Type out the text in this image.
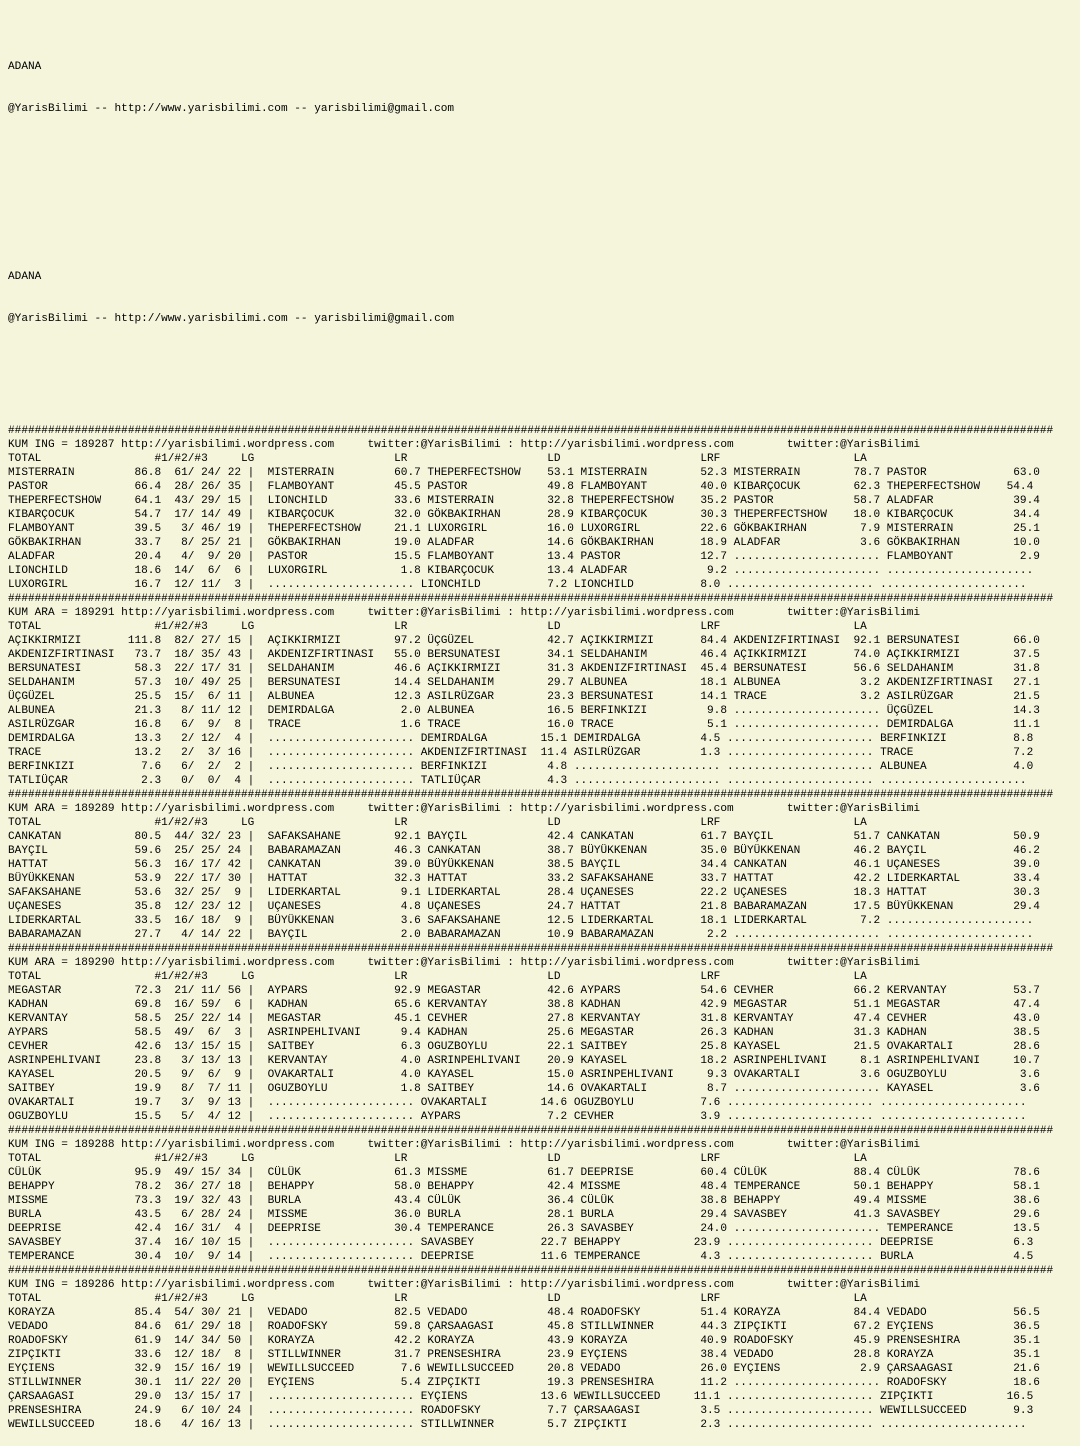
ADANA

@YarisBilimi -- http://www.yarisbilimi.com -- yarisbilimi@gmail.com

ADANA

@YarisBilimi -- http://www.yarisbilimi.com -- yarisbilimi@gmail.com

#############################################################################################################################################################
KUM ING = 189287 http://yarisbilimi.wordpress.com     twitter:@YarisBilimi : http://yarisbilimi.wordpress.com        twitter:@YarisBilimi
TOTAL                 #1/#2/#3     LG                     LR                     LD                     LRF                    LA
MISTERRAIN         86.8  61/ 24/ 22 |  MISTERRAIN         60.7 THEPERFECTSHOW    53.1 MISTERRAIN        52.3 MISTERRAIN        78.7 PASTOR             63.0
PASTOR             66.4  28/ 26/ 35 |  FLAMBOYANT         45.5 PASTOR            49.8 FLAMBOYANT        40.0 KIBARÇOCUK        62.3 THEPERFECTSHOW    54.4
THEPERFECTSHOW     64.1  43/ 29/ 15 |  LIONCHILD          33.6 MISTERRAIN        32.8 THEPERFECTSHOW    35.2 PASTOR            58.7 ALADFAR            39.4
KIBARÇOCUK         54.7  17/ 14/ 49 |  KIBARÇOCUK         32.0 GÖKBAKIRHAN       28.9 KIBARÇOCUK        30.3 THEPERFECTSHOW    18.0 KIBARÇOCUK         34.4
FLAMBOYANT         39.5   3/ 46/ 19 |  THEPERFECTSHOW     21.1 LUXORGIRL         16.0 LUXORGIRL         22.6 GÖKBAKIRHAN        7.9 MISTERRAIN         25.1
GÖKBAKIRHAN        33.7   8/ 25/ 21 |  GÖKBAKIRHAN        19.0 ALADFAR           14.6 GÖKBAKIRHAN       18.9 ALADFAR            3.6 GÖKBAKIRHAN        10.0
ALADFAR            20.4   4/  9/ 20 |  PASTOR             15.5 FLAMBOYANT        13.4 PASTOR            12.7 ...................... FLAMBOYANT          2.9
LIONCHILD          18.6  14/  6/  6 |  LUXORGIRL           1.8 KIBARÇOCUK        13.4 ALADFAR            9.2 ...................... ......................
LUXORGIRL          16.7  12/ 11/  3 |  ...................... LIONCHILD          7.2 LIONCHILD          8.0 ...................... ......................
#############################################################################################################################################################
KUM ARA = 189291 http://yarisbilimi.wordpress.com     twitter:@YarisBilimi : http://yarisbilimi.wordpress.com        twitter:@YarisBilimi
TOTAL                 #1/#2/#3     LG                     LR                     LD                     LRF                    LA
AÇIKKIRMIZI       111.8  82/ 27/ 15 |  AÇIKKIRMIZI        97.2 ÜÇGÜZEL           42.7 AÇIKKIRMIZI       84.4 AKDENIZFIRTINASI  92.1 BERSUNATESI        66.0
AKDENIZFIRTINASI   73.7  18/ 35/ 43 |  AKDENIZFIRTINASI   55.0 BERSUNATESI       34.1 SELDAHANIM        46.4 AÇIKKIRMIZI       74.0 AÇIKKIRMIZI        37.5
BERSUNATESI        58.3  22/ 17/ 31 |  SELDAHANIM         46.6 AÇIKKIRMIZI       31.3 AKDENIZFIRTINASI  45.4 BERSUNATESI       56.6 SELDAHANIM         31.8
SELDAHANIM         57.3  10/ 49/ 25 |  BERSUNATESI        14.4 SELDAHANIM        29.7 ALBUNEA           18.1 ALBUNEA            3.2 AKDENIZFIRTINASI   27.1
ÜÇGÜZEL            25.5  15/  6/ 11 |  ALBUNEA            12.3 ASILRÜZGAR        23.3 BERSUNATESI       14.1 TRACE              3.2 ASILRÜZGAR         21.5
ALBUNEA            21.3   8/ 11/ 12 |  DEMIRDALGA          2.0 ALBUNEA           16.5 BERFINKIZI         9.8 ...................... ÜÇGÜZEL            14.3
ASILRÜZGAR         16.8   6/  9/  8 |  TRACE               1.6 TRACE             16.0 TRACE              5.1 ...................... DEMIRDALGA         11.1
DEMIRDALGA         13.3   2/ 12/  4 |  ...................... DEMIRDALGA        15.1 DEMIRDALGA         4.5 ...................... BERFINKIZI          8.8
TRACE              13.2   2/  3/ 16 |  ...................... AKDENIZFIRTINASI  11.4 ASILRÜZGAR         1.3 ...................... TRACE               7.2
BERFINKIZI          7.6   6/  2/  2 |  ...................... BERFINKIZI         4.8 ...................... ...................... ALBUNEA             4.0
TATLIÜÇAR           2.3   0/  0/  4 |  ...................... TATLIÜÇAR          4.3 ...................... ...................... ......................
#############################################################################################################################################################
KUM ARA = 189289 http://yarisbilimi.wordpress.com     twitter:@YarisBilimi : http://yarisbilimi.wordpress.com        twitter:@YarisBilimi
TOTAL                 #1/#2/#3     LG                     LR                     LD                     LRF                    LA
CANKATAN           80.5  44/ 32/ 23 |  SAFAKSAHANE        92.1 BAYÇIL            42.4 CANKATAN          61.7 BAYÇIL            51.7 CANKATAN           50.9
BAYÇIL             59.6  25/ 25/ 24 |  BABARAMAZAN        46.3 CANKATAN          38.7 BÜYÜKKENAN        35.0 BÜYÜKKENAN        46.2 BAYÇIL             46.2
HATTAT             56.3  16/ 17/ 42 |  CANKATAN           39.0 BÜYÜKKENAN        38.5 BAYÇIL            34.4 CANKATAN          46.1 UÇANESES           39.0
BÜYÜKKENAN         53.9  22/ 17/ 30 |  HATTAT             32.3 HATTAT            33.2 SAFAKSAHANE       33.7 HATTAT            42.2 LIDERKARTAL        33.4
SAFAKSAHANE        53.6  32/ 25/  9 |  LIDERKARTAL         9.1 LIDERKARTAL       28.4 UÇANESES          22.2 UÇANESES          18.3 HATTAT             30.3
UÇANESES           35.8  12/ 23/ 12 |  UÇANESES            4.8 UÇANESES          24.7 HATTAT            21.8 BABARAMAZAN       17.5 BÜYÜKKENAN         29.4
LIDERKARTAL        33.5  16/ 18/  9 |  BÜYÜKKENAN          3.6 SAFAKSAHANE       12.5 LIDERKARTAL       18.1 LIDERKARTAL        7.2 ......................
BABARAMAZAN        27.7   4/ 14/ 22 |  BAYÇIL              2.0 BABARAMAZAN       10.9 BABARAMAZAN        2.2 ...................... ......................
#############################################################################################################################################################
KUM ARA = 189290 http://yarisbilimi.wordpress.com     twitter:@YarisBilimi : http://yarisbilimi.wordpress.com        twitter:@YarisBilimi
TOTAL                 #1/#2/#3     LG                     LR                     LD                     LRF                    LA
MEGASTAR           72.3  21/ 11/ 56 |  AYPARS             92.9 MEGASTAR          42.6 AYPARS            54.6 CEVHER            66.2 KERVANTAY          53.7
KADHAN             69.8  16/ 59/  6 |  KADHAN             65.6 KERVANTAY         38.8 KADHAN            42.9 MEGASTAR          51.1 MEGASTAR           47.4
KERVANTAY          58.5  25/ 22/ 14 |  MEGASTAR           45.1 CEVHER            27.8 KERVANTAY         31.8 KERVANTAY         47.4 CEVHER             43.0
AYPARS             58.5  49/  6/  3 |  ASRINPEHLIVANI      9.4 KADHAN            25.6 MEGASTAR          26.3 KADHAN            31.3 KADHAN             38.5
CEVHER             42.6  13/ 15/ 15 |  SAITBEY             6.3 OGUZBOYLU         22.1 SAITBEY           25.8 KAYASEL           21.5 OVAKARTALI         28.6
ASRINPEHLIVANI     23.8   3/ 13/ 13 |  KERVANTAY           4.0 ASRINPEHLIVANI    20.9 KAYASEL           18.2 ASRINPEHLIVANI     8.1 ASRINPEHLIVANI     10.7
KAYASEL            20.5   9/  6/  9 |  OVAKARTALI          4.0 KAYASEL           15.0 ASRINPEHLIVANI     9.3 OVAKARTALI         3.6 OGUZBOYLU           3.6
SAITBEY            19.9   8/  7/ 11 |  OGUZBOYLU           1.8 SAITBEY           14.6 OVAKARTALI         8.7 ...................... KAYASEL             3.6
OVAKARTALI         19.7   3/  9/ 13 |  ...................... OVAKARTALI        14.6 OGUZBOYLU          7.6 ...................... ......................
OGUZBOYLU          15.5   5/  4/ 12 |  ...................... AYPARS             7.2 CEVHER             3.9 ...................... ......................
#############################################################################################################################################################
KUM ING = 189288 http://yarisbilimi.wordpress.com     twitter:@YarisBilimi : http://yarisbilimi.wordpress.com        twitter:@YarisBilimi
TOTAL                 #1/#2/#3     LG                     LR                     LD                     LRF                    LA
CÜLÜK              95.9  49/ 15/ 34 |  CÜLÜK              61.3 MISSME            61.7 DEEPRISE          60.4 CÜLÜK             88.4 CÜLÜK              78.6
BEHAPPY            78.2  36/ 27/ 18 |  BEHAPPY            58.0 BEHAPPY           42.4 MISSME            48.4 TEMPERANCE        50.1 BEHAPPY            58.1
MISSME             73.3  19/ 32/ 43 |  BURLA              43.4 CÜLÜK             36.4 CÜLÜK             38.8 BEHAPPY           49.4 MISSME             38.6
BURLA              43.5   6/ 28/ 24 |  MISSME             36.0 BURLA             28.1 BURLA             29.4 SAVASBEY          41.3 SAVASBEY           29.6
DEEPRISE           42.4  16/ 31/  4 |  DEEPRISE           30.4 TEMPERANCE        26.3 SAVASBEY          24.0 ...................... TEMPERANCE         13.5
SAVASBEY           37.4  16/ 10/ 15 |  ...................... SAVASBEY          22.7 BEHAPPY           23.9 ...................... DEEPRISE            6.3
TEMPERANCE         30.4  10/  9/ 14 |  ...................... DEEPRISE          11.6 TEMPERANCE         4.3 ...................... BURLA               4.5
#############################################################################################################################################################
KUM ING = 189286 http://yarisbilimi.wordpress.com     twitter:@YarisBilimi : http://yarisbilimi.wordpress.com        twitter:@YarisBilimi
TOTAL                 #1/#2/#3     LG                     LR                     LD                     LRF                    LA
KORAYZA            85.4  54/ 30/ 21 |  VEDADO             82.5 VEDADO            48.4 ROADOFSKY         51.4 KORAYZA           84.4 VEDADO             56.5
VEDADO             84.6  61/ 29/ 18 |  ROADOFSKY          59.8 ÇARSAAGASI        45.8 STILLWINNER       44.3 ZIPÇIKTI          67.2 EYÇIENS            36.5
ROADOFSKY          61.9  14/ 34/ 50 |  KORAYZA            42.2 KORAYZA           43.9 KORAYZA           40.9 ROADOFSKY         45.9 PRENSESHIRA        35.1
ZIPÇIKTI           33.6  12/ 18/  8 |  STILLWINNER        31.7 PRENSESHIRA       23.9 EYÇIENS           38.4 VEDADO            28.8 KORAYZA            35.1
EYÇIENS            32.9  15/ 16/ 19 |  WEWILLSUCCEED       7.6 WEWILLSUCCEED     20.8 VEDADO            26.0 EYÇIENS            2.9 ÇARSAAGASI         21.6
STILLWINNER        30.1  11/ 22/ 20 |  EYÇIENS             5.4 ZIPÇIKTI          19.3 PRENSESHIRA       11.2 ...................... ROADOFSKY          18.6
ÇARSAAGASI         29.0  13/ 15/ 17 |  ...................... EYÇIENS           13.6 WEWILLSUCCEED     11.1 ...................... ZIPÇIKTI           16.5
PRENSESHIRA        24.9   6/ 10/ 24 |  ...................... ROADOFSKY          7.7 ÇARSAAGASI         3.5 ...................... WEWILLSUCCEED       9.3
WEWILLSUCCEED      18.6   4/ 16/ 13 |  ...................... STILLWINNER        5.7 ZIPÇIKTI           2.3 ...................... ......................
